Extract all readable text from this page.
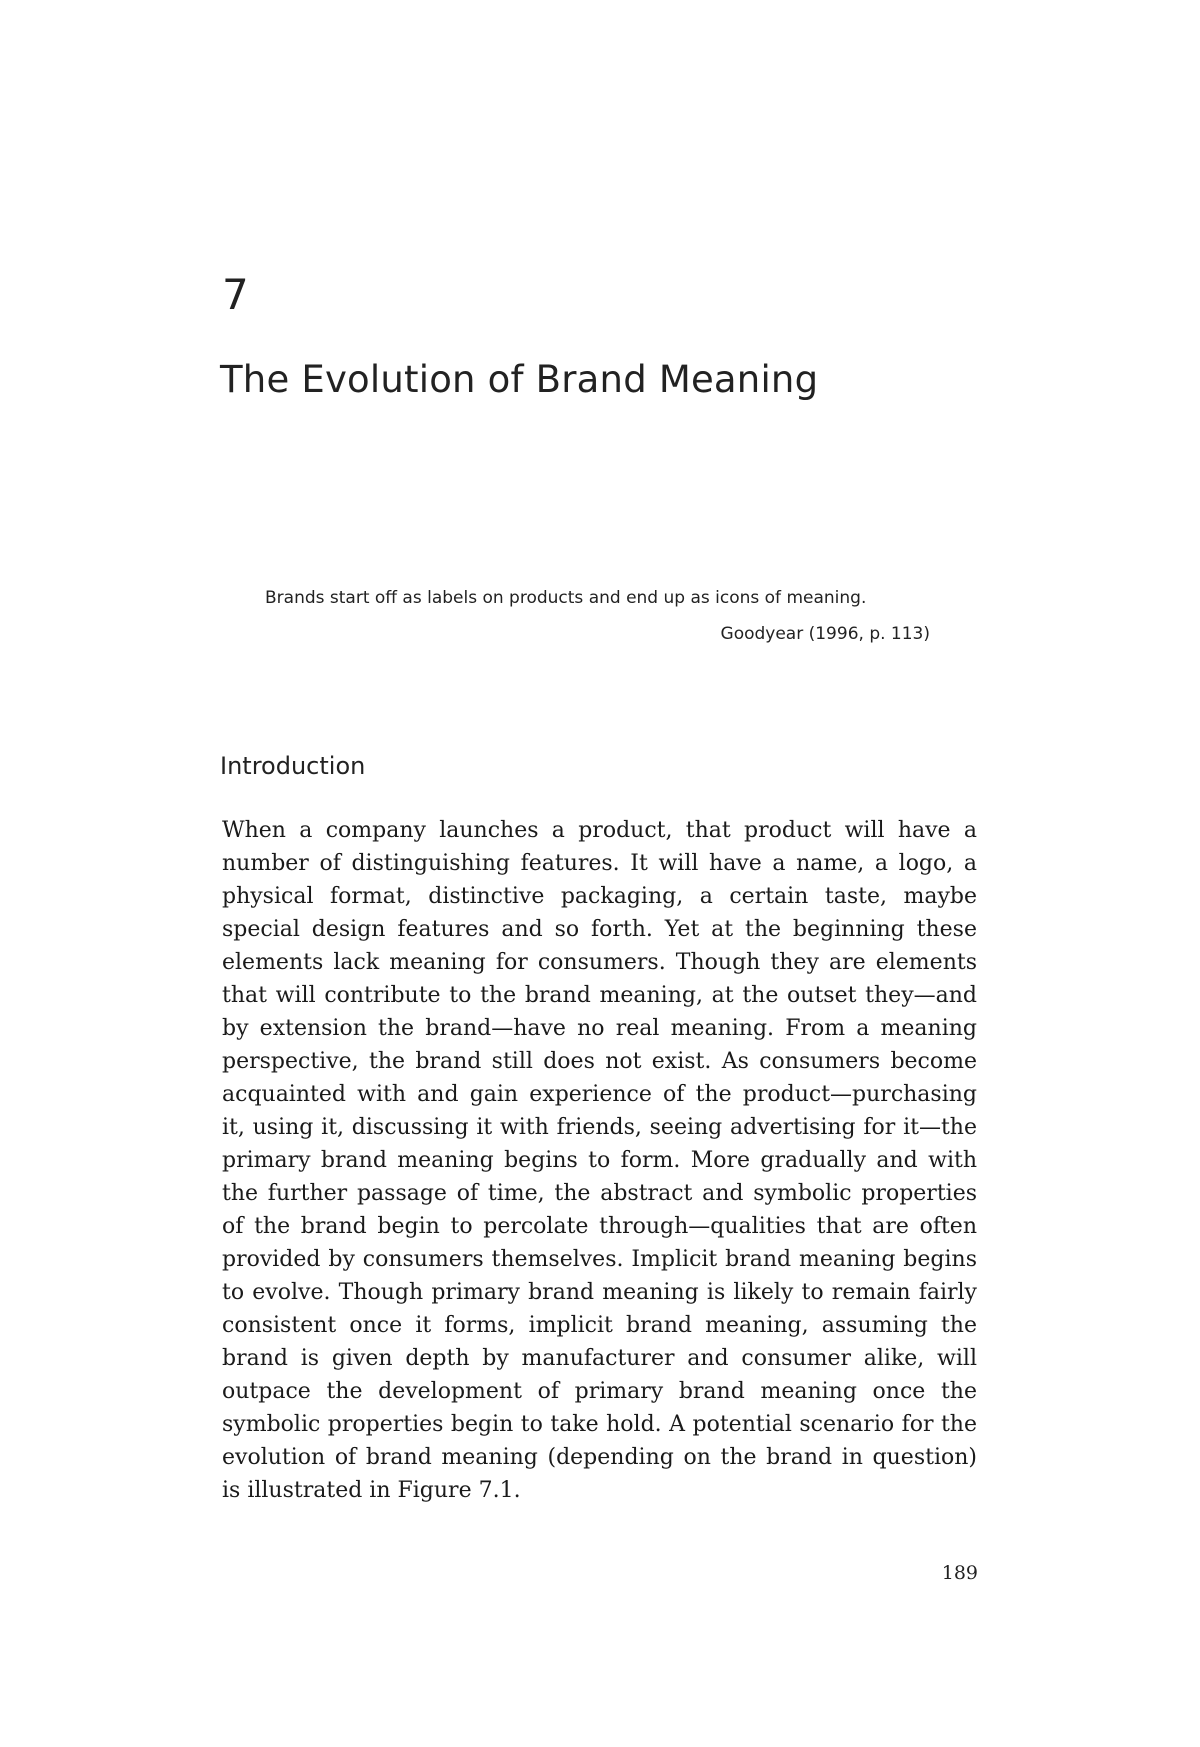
7
The Evolution of Brand Meaning
Brands start off as labels on products and end up as icons of meaning.
Goodyear (1996, p. 113)
Introduction

When a company launches a product, that product will have a number of distinguishing features. It will have a name, a logo, a physical format, distinctive packaging, a certain taste, maybe special design features and so forth. Yet at the beginning these elements lack meaning for consumers. Though they are elements that will contribute to the brand meaning, at the outset they—and by extension the brand—have no real meaning. From a meaning perspective, the brand still does not exist. As consumers become acquainted with and gain experience of the product—purchasing it, using it, discussing it with friends, seeing advertising for it—the primary brand meaning begins to form. More gradually and with the further passage of time, the abstract and symbolic properties of the brand begin to percolate through—qualities that are often provided by consumers themselves. Implicit brand meaning begins to evolve. Though primary brand meaning is likely to remain fairly consistent once it forms, implicit brand meaning, assuming the brand is given depth by manufacturer and consumer alike, will outpace the development of primary brand meaning once the symbolic properties begin to take hold. A potential scenario for the evolution of brand meaning (depending on the brand in question) is illustrated in Figure 7.1.

189
